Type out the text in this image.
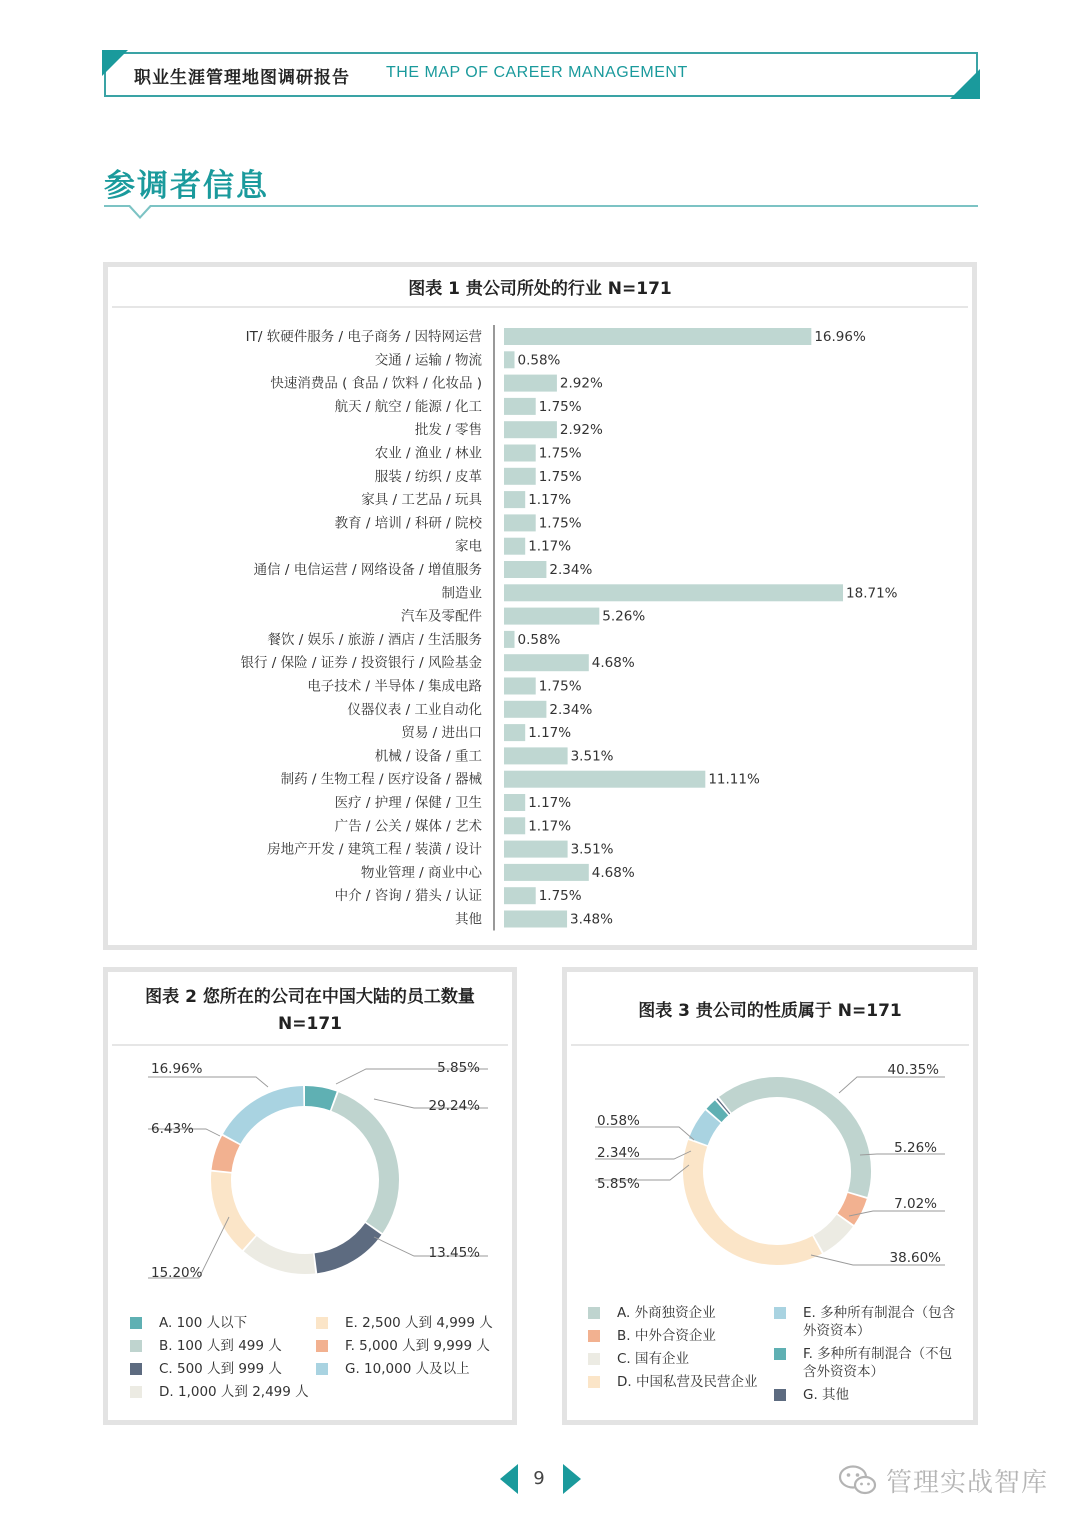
职业生涯管理地图调研报告 THE MAP OF CAREER MANAGEMENT
参调者信息
图表 1 贵公司所处的行业 N=171
IT/ 软硬件服务 / 电子商务 / 因特网运营	16.96%
交通 / 运输 / 物流	0.58%
快速消费品 ( 食品 / 饮料 / 化妆品 )	2.92%
航天 / 航空 / 能源 / 化工	1.75%
批发 / 零售	2.92%
农业 / 渔业 / 林业	1.75%
服装 / 纺织 / 皮革	1.75%
家具 / 工艺品 / 玩具	1.17%
教育 / 培训 / 科研 / 院校	1.75%
家电	1.17%
通信 / 电信运营 / 网络设备 / 增值服务	2.34%
制造业	18.71%
汽车及零配件	5.26%
餐饮 / 娱乐 / 旅游 / 酒店 / 生活服务	0.58%
银行 / 保险 / 证券 / 投资银行 / 风险基金	4.68%
电子技术 / 半导体 / 集成电路	1.75%
仪器仪表 / 工业自动化	2.34%
贸易 / 进出口	1.17%
机械 / 设备 / 重工	3.51%
制药 / 生物工程 / 医疗设备 / 器械	11.11%
医疗 / 护理 / 保健 / 卫生	1.17%
广告 / 公关 / 媒体 / 艺术	1.17%
房地产开发 / 建筑工程 / 装潢 / 设计	3.51%
物业管理 / 商业中心	4.68%
中介 / 咨询 / 猎头 / 认证	1.75%
其他	3.48%
图表 2 您所在的公司在中国大陆的员工数量
N=171
5.85%
29.24%
13.45%
15.20%
6.43%
16.96%
A. 100 人以下
B. 100 人到 499 人
C. 500 人到 999 人
D. 1,000 人到 2,499 人
E. 2,500 人到 4,999 人
F. 5,000 人到 9,999 人
G. 10,000 人及以上
图表 3 贵公司的性质属于 N=171
40.35%
5.26%
7.02%
38.60%
5.85%
2.34%
0.58%
A. 外商独资企业
B. 中外合资企业
C. 国有企业
D. 中国私营及民营企业
E. 多种所有制混合（包含
外资资本）
F. 多种所有制混合（不包
含外资资本）
G. 其他
9	管理实战智库
